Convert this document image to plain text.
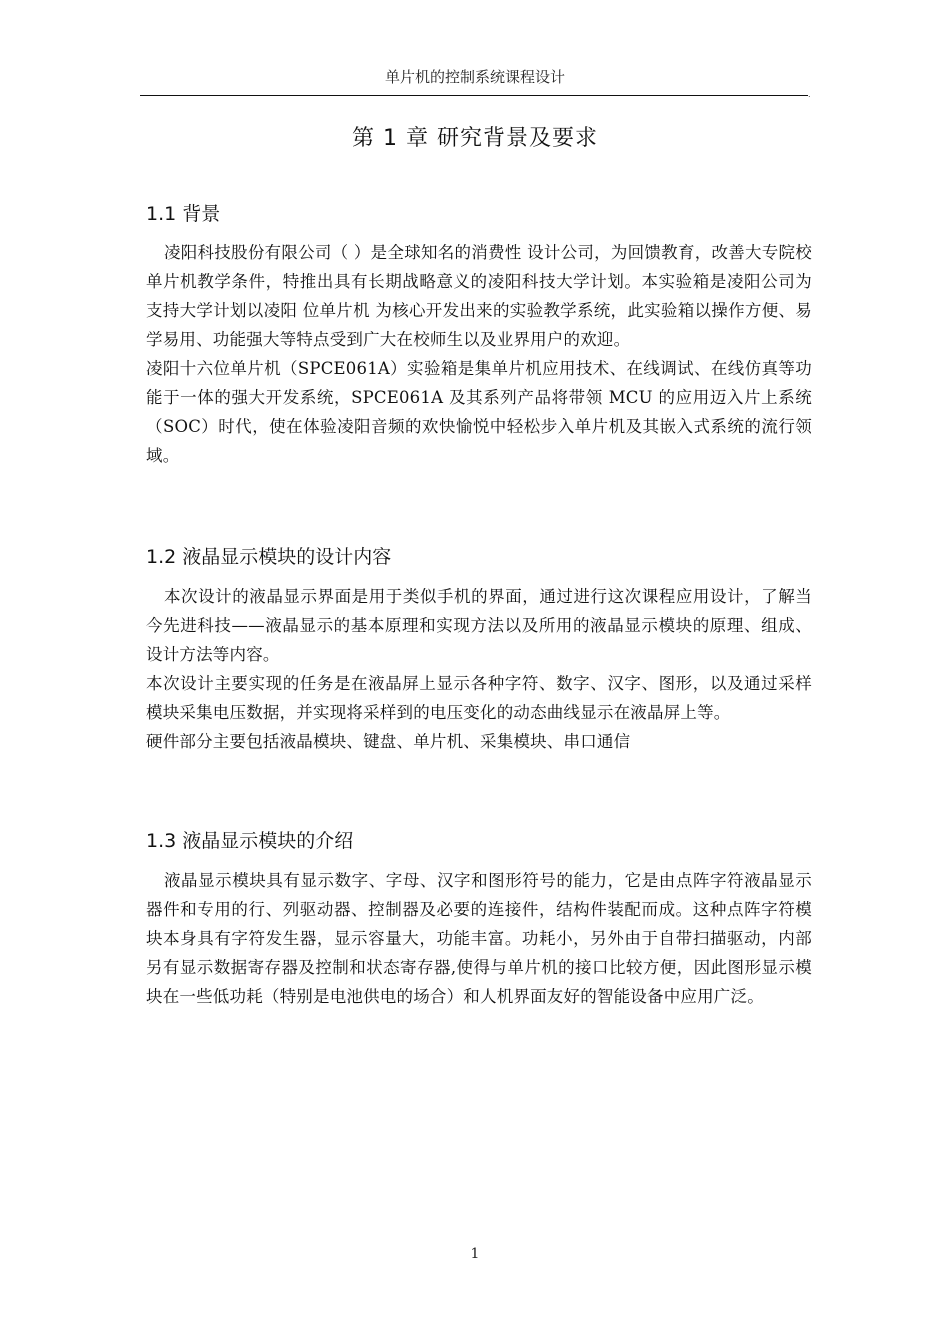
单片机的控制系统课程设计
.
第 1 章 研究背景及要求
1.1 背景

凌阳科技股份有限公司（ ）是全球知名的消费性 设计公司，为回馈教育，改善大专院校单片机教学条件，特推出具有长期战略意义的凌阳科技大学计划。本实验箱是凌阳公司为支持大学计划以凌阳 位单片机 为核心开发出来的实验教学系统，此实验箱以操作方便、易学易用、功能强大等特点受到广大在校师生以及业界用户的欢迎。

凌阳十六位单片机（SPCE061A）实验箱是集单片机应用技术、在线调试、在线仿真等功能于一体的强大开发系统，SPCE061A 及其系列产品将带领 MCU 的应用迈入片上系统（SOC）时代，使在体验凌阳音频的欢快愉悦中轻松步入单片机及其嵌入式系统的流行领域。

1.2 液晶显示模块的设计内容

本次设计的液晶显示界面是用于类似手机的界面，通过进行这次课程应用设计，了解当今先进科技——液晶显示的基本原理和实现方法以及所用的液晶显示模块的原理、组成、设计方法等内容。

本次设计主要实现的任务是在液晶屏上显示各种字符、数字、汉字、图形，以及通过采样模块采集电压数据，并实现将采样到的电压变化的动态曲线显示在液晶屏上等。

硬件部分主要包括液晶模块、键盘、单片机、采集模块、串口通信

1.3 液晶显示模块的介绍

液晶显示模块具有显示数字、字母、汉字和图形符号的能力，它是由点阵字符液晶显示器件和专用的行、列驱动器、控制器及必要的连接件，结构件装配而成。这种点阵字符模块本身具有字符发生器，显示容量大，功能丰富。功耗小，另外由于自带扫描驱动，内部另有显示数据寄存器及控制和状态寄存器,使得与单片机的接口比较方便，因此图形显示模块在一些低功耗（特别是电池供电的场合）和人机界面友好的智能设备中应用广泛。

1
